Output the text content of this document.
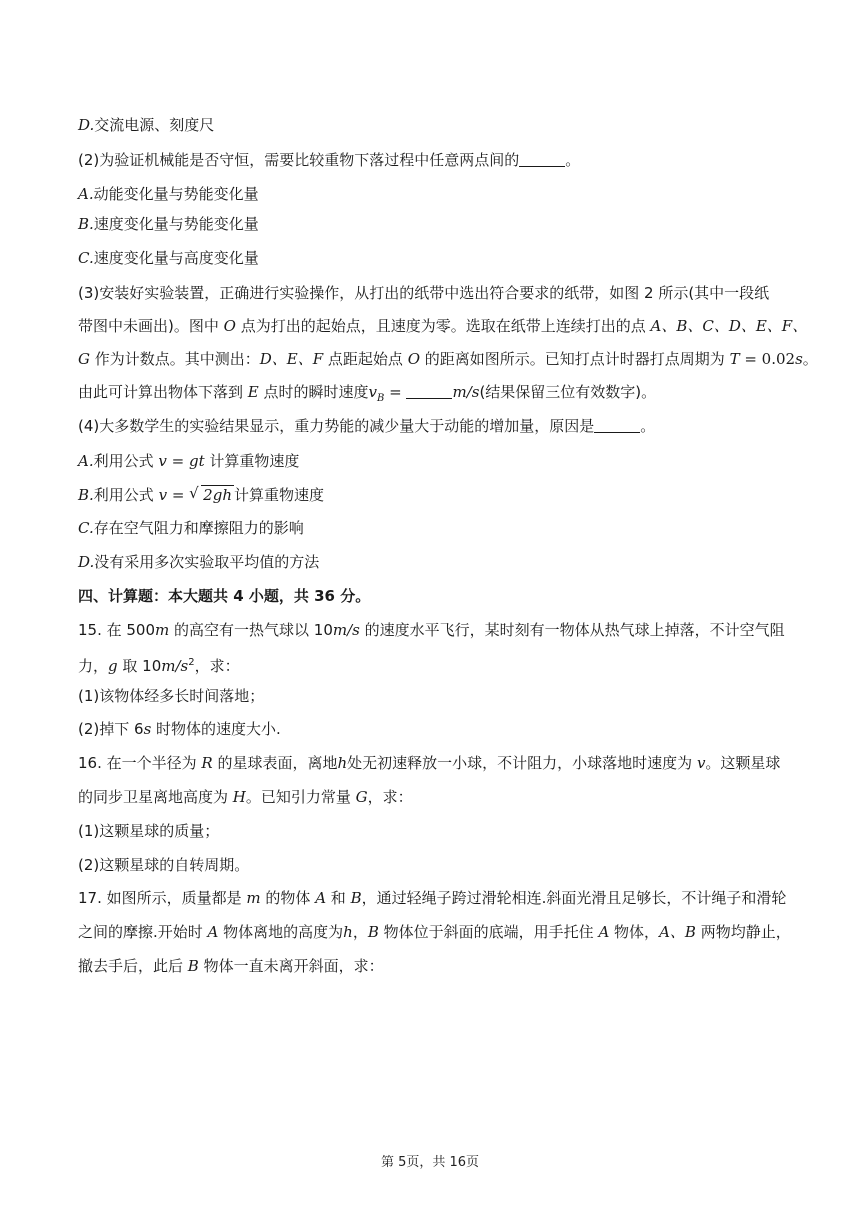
D.交流电源、刻度尺
(2)为验证机械能是否守恒，需要比较重物下落过程中任意两点间的	。
A.动能变化量与势能变化量
B.速度变化量与势能变化量
C.速度变化量与高度变化量
(3)安装好实验装置，正确进行实验操作，从打出的纸带中选出符合要求的纸带，如图 2 所示(其中一段纸
带图中未画出)。图中 O 点为打出的起始点，且速度为零。选取在纸带上连续打出的点 A、B、C、D、E、F、
G 作为计数点。其中测出：D、E、F 点距起始点 O 的距离如图所示。已知打点计时器打点周期为 T = 0.02s。
由此可计算出物体下落到 E 点时的瞬时速度$v_B$ =	m/s(结果保留三位有效数字)。
(4)大多数学生的实验结果显示，重力势能的减少量大于动能的增加量，原因是	。
A.利用公式 v = gt 计算重物速度
B.利用公式 v = √ 2gh 计算重物速度
C.存在空气阻力和摩擦阻力的影响
D.没有采用多次实验取平均值的方法
四、计算题：本大题共 4 小题，共 36 分。
15. 在 500m 的高空有一热气球以 10m/s 的速度水平飞行，某时刻有一物体从热气球上掉落，不计空气阻
力，g 取 $10m/s^2$，求：
(1)该物体经多长时间落地；
(2)掉下 6s 时物体的速度大小.
16. 在一个半径为 R 的星球表面，离地h处无初速释放一小球，不计阻力，小球落地时速度为 v。这颗星球
的同步卫星离地高度为 H。已知引力常量 G，求：
(1)这颗星球的质量；
(2)这颗星球的自转周期。
17. 如图所示，质量都是 m 的物体 A 和 B，通过轻绳子跨过滑轮相连.斜面光滑且足够长，不计绳子和滑轮
之间的摩擦.开始时 A 物体离地的高度为h，B 物体位于斜面的底端，用手托住 A 物体，A、B 两物均静止，
撤去手后，此后 B 物体一直未离开斜面，求：
第 5页，共 16页
